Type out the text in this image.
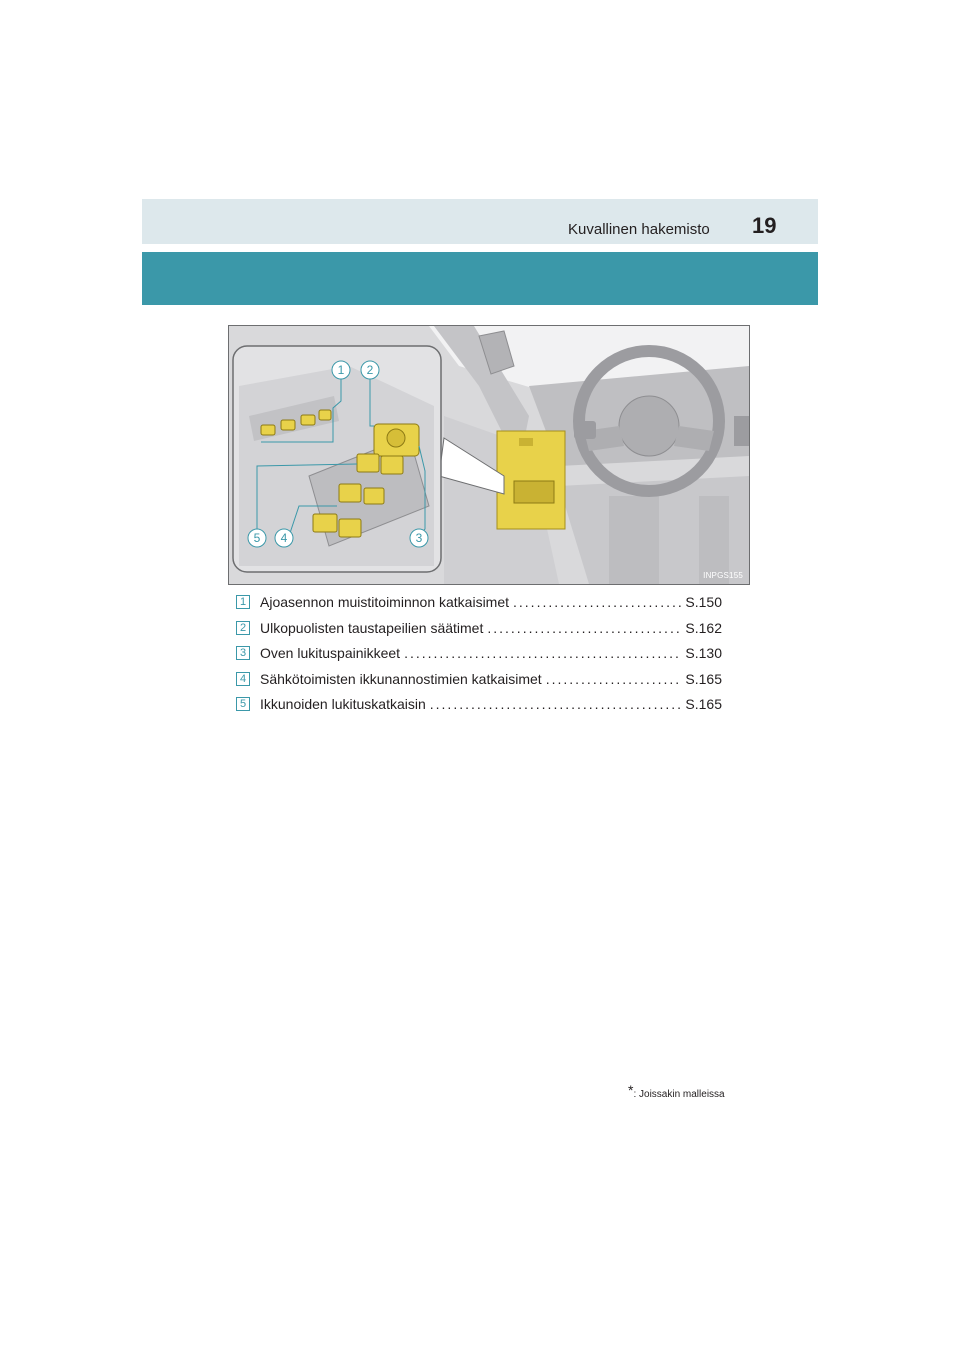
Kuvallinen hakemisto 19
1 2
3
4
5
INPGS155
1 Ajoasennon muistitoiminnon katkaisimet .....	S.150
2 Ulkopuolisten taustapeilien säätimet .....	S.162
3 Oven lukituspainikkeet .....	S.130
4 Sähkötoimisten ikkunannostimien katkaisimet .....	S.165
5 Ikkunoiden lukituskatkaisin .....	S.165
*: Joissakin malleissa
